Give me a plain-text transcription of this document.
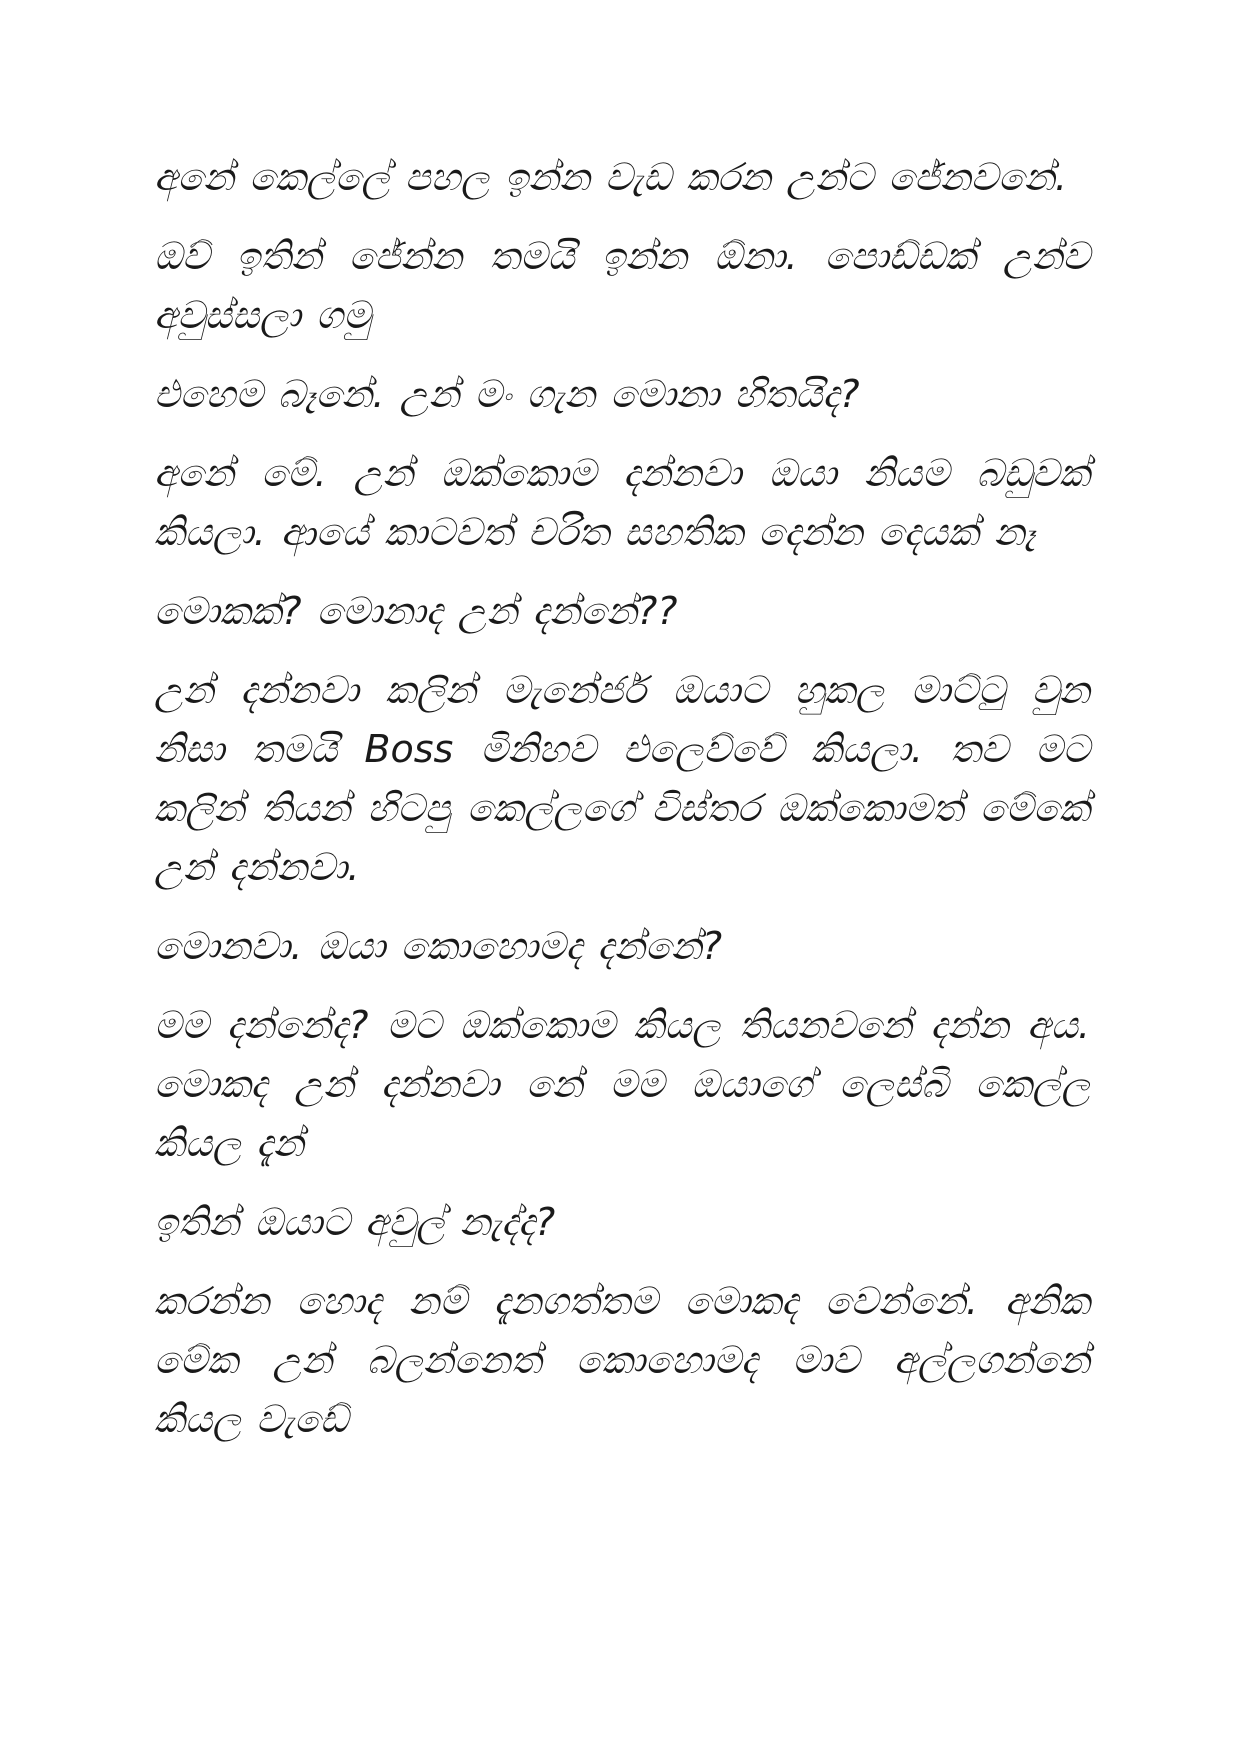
අනේ කෙල්ලේ පහල ඉන්න වැඩ කරන උන්ට ජේනවනේ.

ඔව් ඉතින් ජේන්න තමයි ඉන්න ඕනා. පොඩ්ඩක් උන්ව අවුස්සලා ගමු

එහෙම බෑනේ. උන් මං ගැන මොනා හිතයිද?

අනේ මේ. උන් ඔක්කොම දන්නවා ඔයා නියම බඩුවක් කියලා. ආයේ කාටවත් චරිත සහතික දෙන්න දෙයක් නෑ

මොකක්? මොනාද උන් දන්නේ??

උන් දන්නවා කලින් මැනේජර් ඔයාට හුකල මාට්ටු වුන නිසා තමයි Boss මිනිහව එලෙව්වේ කියලා. තව මට කලින් තියන් හිටපු කෙල්ලගේ විස්තර ඔක්කොමත් මේකේ උන් දන්නවා.

මොනවා. ඔයා කොහොමද දන්නේ?

මම දන්නේද? මට ඔක්කොම කියල තියනවනේ දන්න අය. මොකද උන් දන්නවා නේ මම ඔයාගේ ලෙස්බි කෙල්ල කියල දැන්

ඉතින් ඔයාට අවුල් නැද්ද?

කරන්න හොද නම් දැනගත්තම මොකද වෙන්නේ. අනික මේක උන් බලන්නෙත් කොහොමද මාව අල්ලගන්නේ කියල වැඩේ
